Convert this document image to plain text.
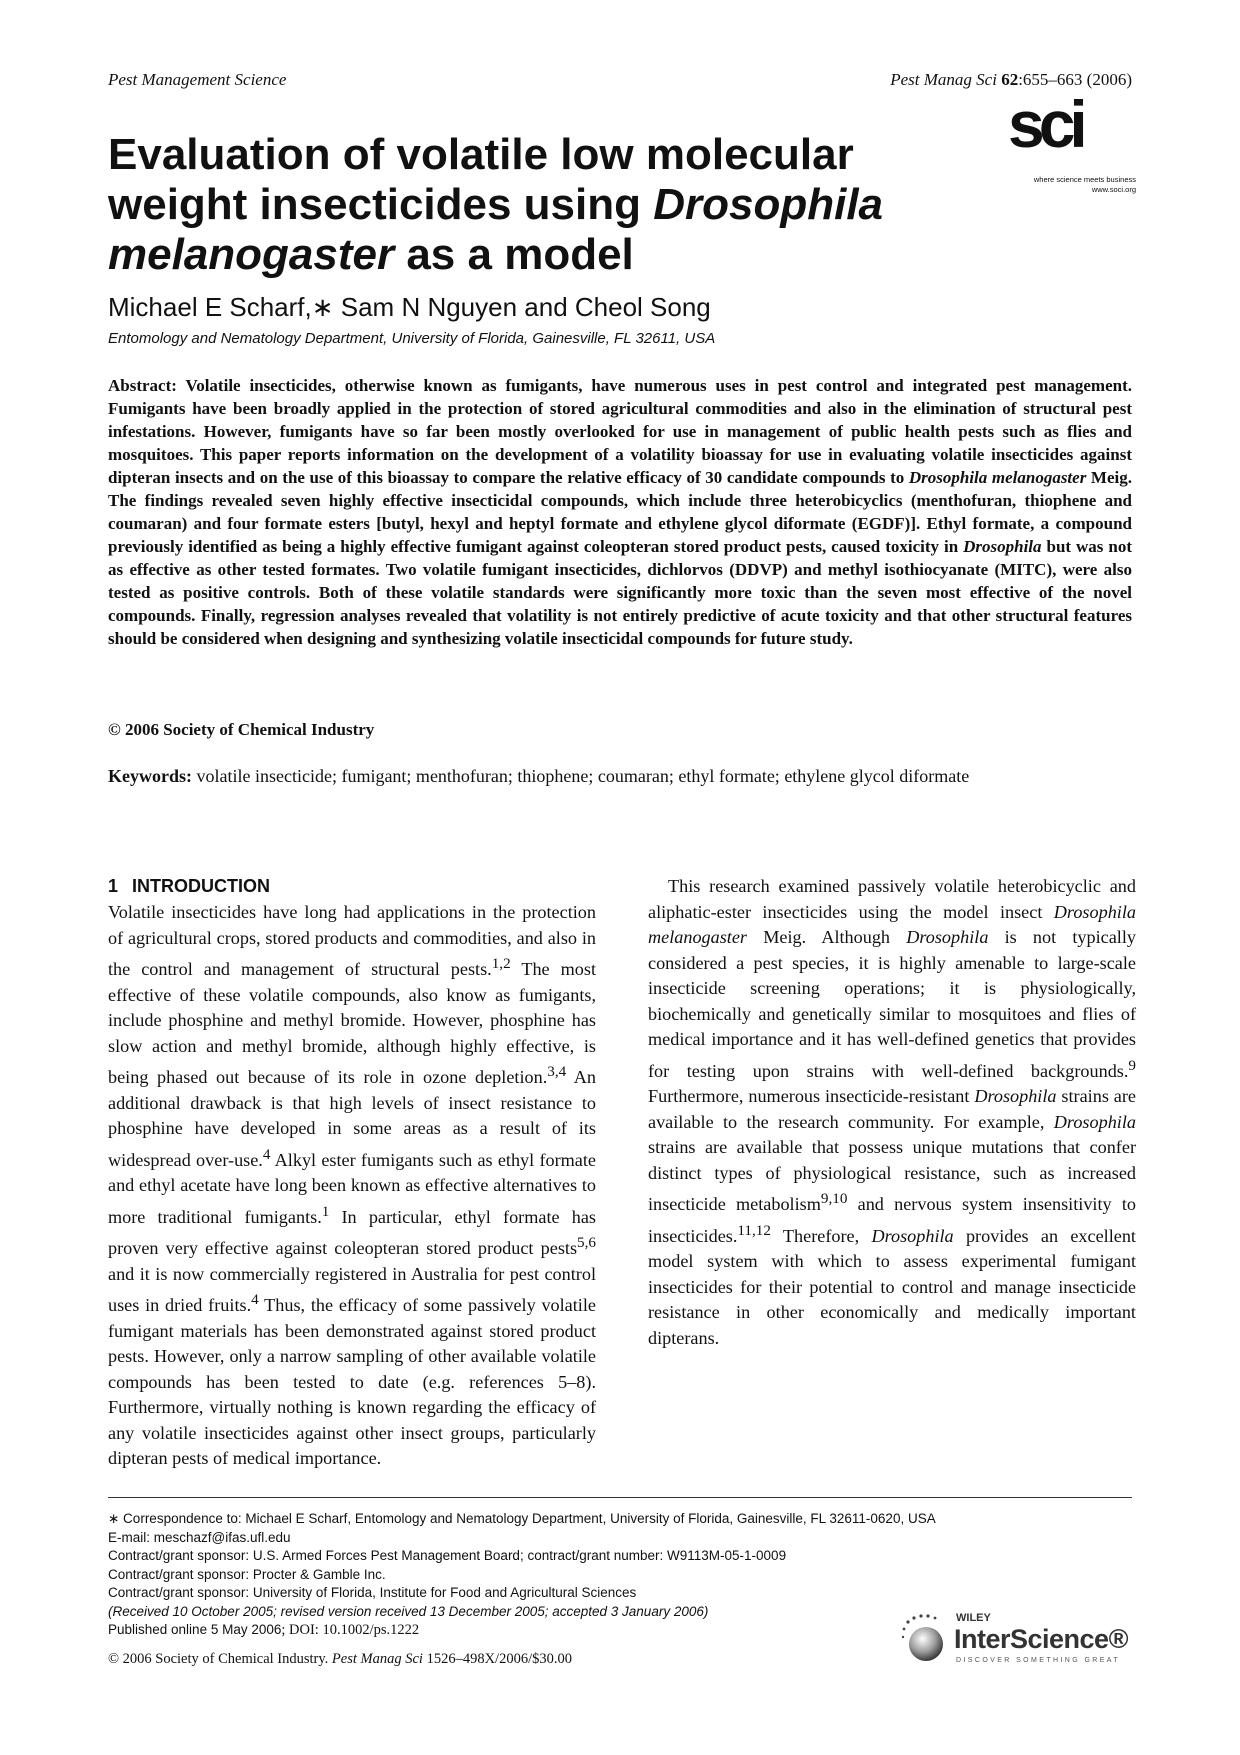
Pest Management Science	Pest Manag Sci 62:655–663 (2006)
sci
where science meets business
www.soci.org
Evaluation of volatile low molecular weight insecticides using Drosophila melanogaster as a model
Michael E Scharf,∗ Sam N Nguyen and Cheol Song
Entomology and Nematology Department, University of Florida, Gainesville, FL 32611, USA

Abstract: Volatile insecticides, otherwise known as fumigants, have numerous uses in pest control and integrated pest management. Fumigants have been broadly applied in the protection of stored agricultural commodities and also in the elimination of structural pest infestations. However, fumigants have so far been mostly overlooked for use in management of public health pests such as flies and mosquitoes. This paper reports information on the development of a volatility bioassay for use in evaluating volatile insecticides against dipteran insects and on the use of this bioassay to compare the relative efficacy of 30 candidate compounds to Drosophila melanogaster Meig. The findings revealed seven highly effective insecticidal compounds, which include three heterobicyclics (menthofuran, thiophene and coumaran) and four formate esters [butyl, hexyl and heptyl formate and ethylene glycol diformate (EGDF)]. Ethyl formate, a compound previously identified as being a highly effective fumigant against coleopteran stored product pests, caused toxicity in Drosophila but was not as effective as other tested formates. Two volatile fumigant insecticides, dichlorvos (DDVP) and methyl isothiocyanate (MITC), were also tested as positive controls. Both of these volatile standards were significantly more toxic than the seven most effective of the novel compounds. Finally, regression analyses revealed that volatility is not entirely predictive of acute toxicity and that other structural features should be considered when designing and synthesizing volatile insecticidal compounds for future study.

© 2006 Society of Chemical Industry

Keywords: volatile insecticide; fumigant; menthofuran; thiophene; coumaran; ethyl formate; ethylene glycol diformate

1 INTRODUCTION

Volatile insecticides have long had applications in the protection of agricultural crops, stored products and commodities, and also in the control and management of structural pests.$^{1,2}$ The most effective of these volatile compounds, also know as fumigants, include phosphine and methyl bromide. However, phosphine has slow action and methyl bromide, although highly effective, is being phased out because of its role in ozone depletion.$^{3,4}$ An additional drawback is that high levels of insect resistance to phosphine have developed in some areas as a result of its widespread over-use.$^4$ Alkyl ester fumigants such as ethyl formate and ethyl acetate have long been known as effective alternatives to more traditional fumigants.$^1$ In particular, ethyl formate has proven very effective against coleopteran stored product pests$^{5,6}$ and it is now commercially registered in Australia for pest control uses in dried fruits.$^4$ Thus, the efficacy of some passively volatile fumigant materials has been demonstrated against stored product pests. However, only a narrow sampling of other available volatile compounds has been tested to date (e.g. references 5–8). Furthermore, virtually nothing is known regarding the efficacy of any volatile insecticides against other insect groups, particularly dipteran pests of medical importance.

This research examined passively volatile heterobicyclic and aliphatic-ester insecticides using the model insect Drosophila melanogaster Meig. Although Drosophila is not typically considered a pest species, it is highly amenable to large-scale insecticide screening operations; it is physiologically, biochemically and genetically similar to mosquitoes and flies of medical importance and it has well-defined genetics that provides for testing upon strains with well-defined backgrounds.$^9$ Furthermore, numerous insecticide-resistant Drosophila strains are available to the research community. For example, Drosophila strains are available that possess unique mutations that confer distinct types of physiological resistance, such as increased insecticide metabolism$^{9,10}$ and nervous system insensitivity to insecticides.$^{11,12}$ Therefore, Drosophila provides an excellent model system with which to assess experimental fumigant insecticides for their potential to control and manage insecticide resistance in other economically and medically important dipterans.

∗ Correspondence to: Michael E Scharf, Entomology and Nematology Department, University of Florida, Gainesville, FL 32611-0620, USA
E-mail: meschazf@ifas.ufl.edu
Contract/grant sponsor: U.S. Armed Forces Pest Management Board; contract/grant number: W9113M-05-1-0009
Contract/grant sponsor: Procter & Gamble Inc.
Contract/grant sponsor: University of Florida, Institute for Food and Agricultural Sciences
(Received 10 October 2005; revised version received 13 December 2005; accepted 3 January 2006)
Published online 5 May 2006; DOI: 10.1002/ps.1222
© 2006 Society of Chemical Industry. Pest Manag Sci 1526–498X/2006/$30.00
WILEY
InterScience®
DISCOVER SOMETHING GREAT
